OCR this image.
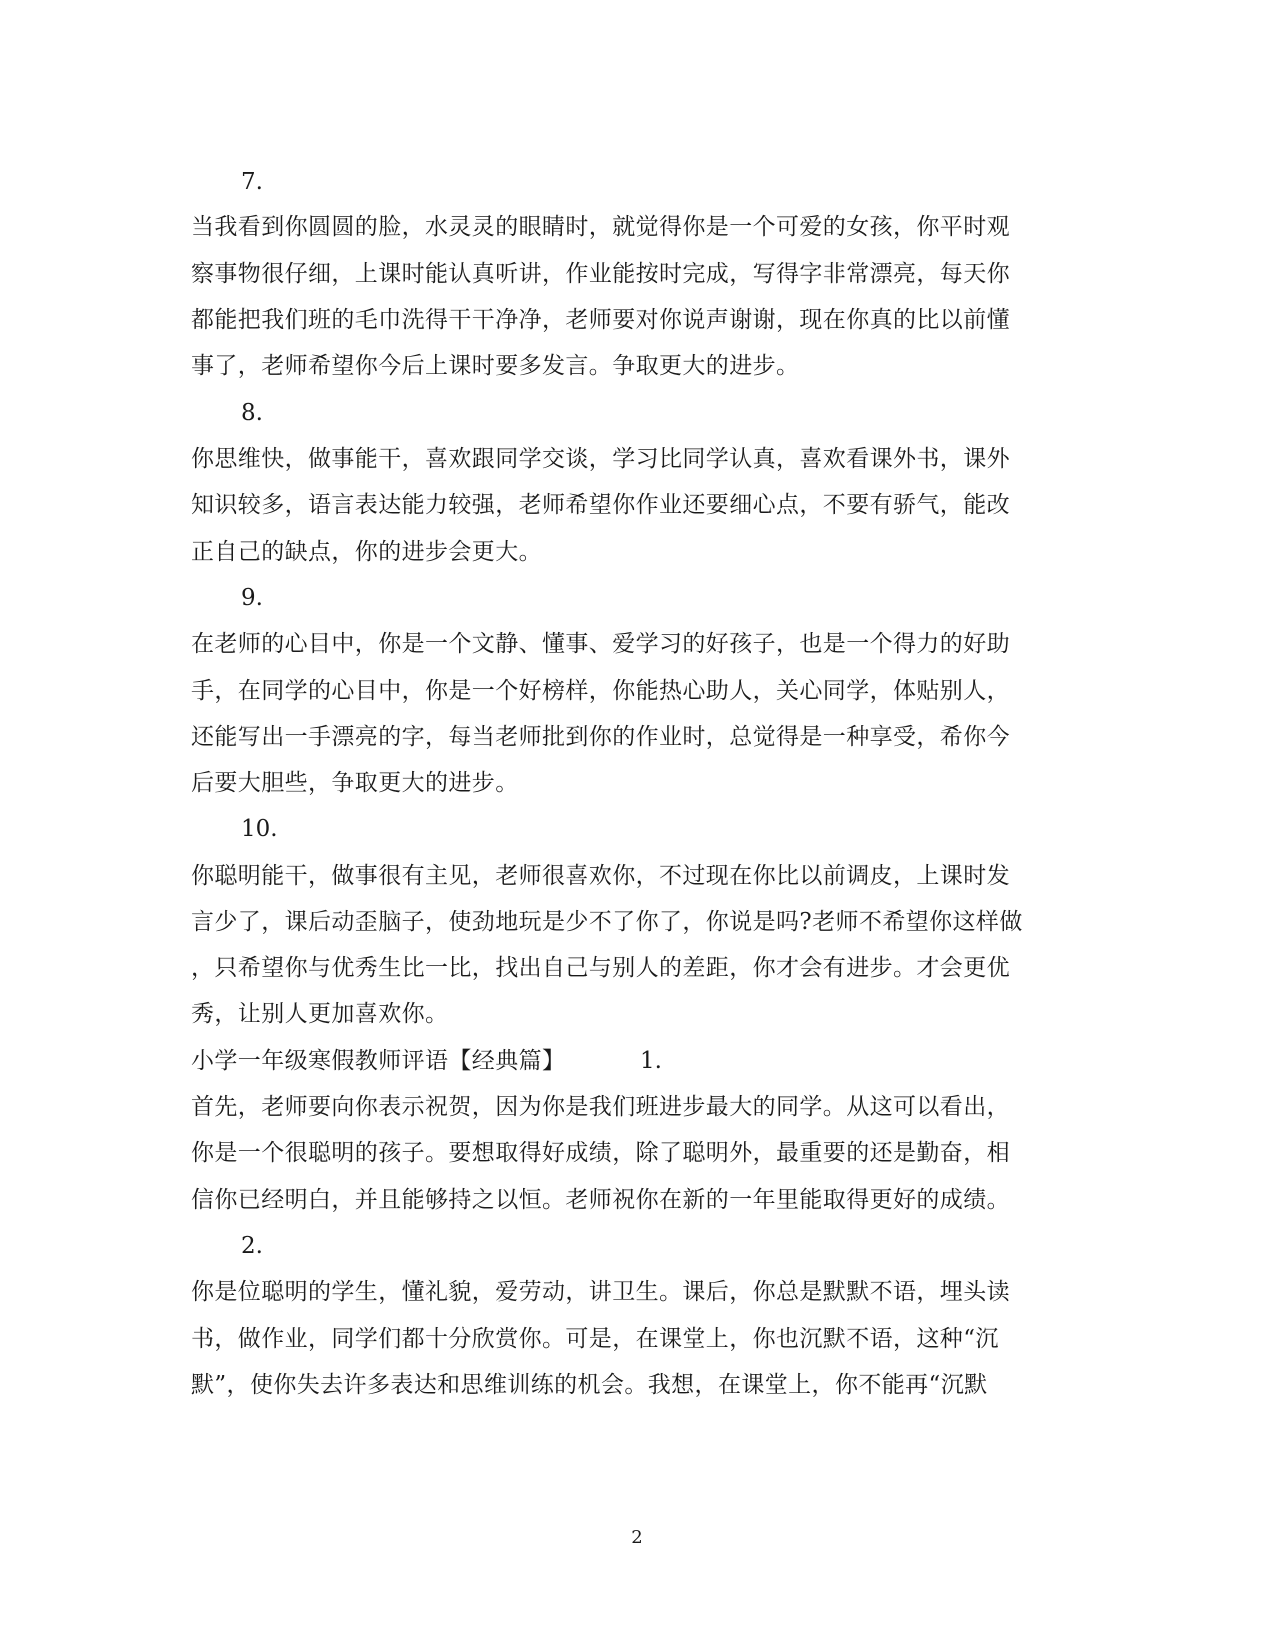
7.
当我看到你圆圆的脸，水灵灵的眼睛时，就觉得你是一个可爱的女孩，你平时观
察事物很仔细，上课时能认真听讲，作业能按时完成，写得字非常漂亮，每天你
都能把我们班的毛巾洗得干干净净，老师要对你说声谢谢，现在你真的比以前懂
事了，老师希望你今后上课时要多发言。争取更大的进步。
8.
你思维快，做事能干，喜欢跟同学交谈，学习比同学认真，喜欢看课外书，课外
知识较多，语言表达能力较强，老师希望你作业还要细心点，不要有骄气，能改
正自己的缺点，你的进步会更大。
9.
在老师的心目中，你是一个文静、懂事、爱学习的好孩子，也是一个得力的好助
手，在同学的心目中，你是一个好榜样，你能热心助人，关心同学，体贴别人，
还能写出一手漂亮的字，每当老师批到你的作业时，总觉得是一种享受，希你今
后要大胆些，争取更大的进步。
10.
你聪明能干，做事很有主见，老师很喜欢你，不过现在你比以前调皮，上课时发
言少了，课后动歪脑子，使劲地玩是少不了你了，你说是吗?老师不希望你这样做
，只希望你与优秀生比一比，找出自己与别人的差距，你才会有进步。才会更优
秀，让别人更加喜欢你。
小学一年级寒假教师评语【经典篇】	1.
首先，老师要向你表示祝贺，因为你是我们班进步最大的同学。从这可以看出，
你是一个很聪明的孩子。要想取得好成绩，除了聪明外，最重要的还是勤奋，相
信你已经明白，并且能够持之以恒。老师祝你在新的一年里能取得更好的成绩。
2.
你是位聪明的学生，懂礼貌，爱劳动，讲卫生。课后，你总是默默不语，埋头读
书，做作业，同学们都十分欣赏你。可是，在课堂上，你也沉默不语，这种“沉
默”，使你失去许多表达和思维训练的机会。我想，在课堂上，你不能再“沉默
2
